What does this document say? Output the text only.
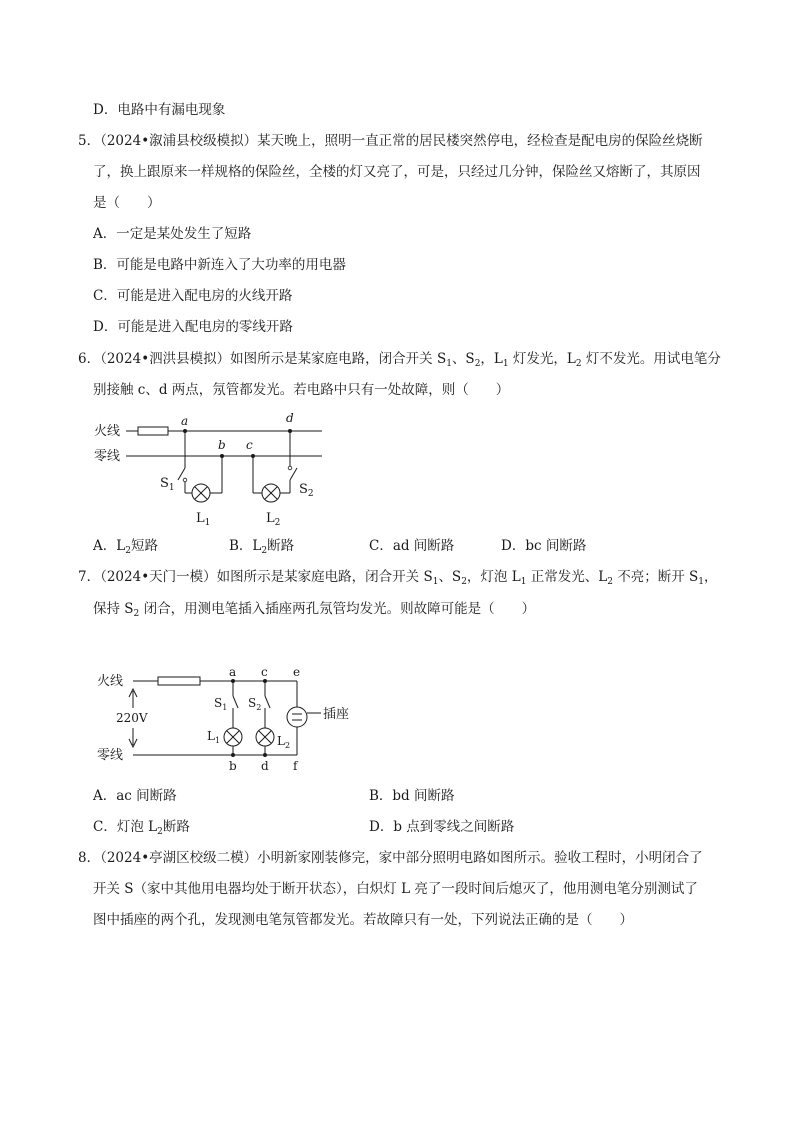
D．电路中有漏电现象
5．（2024•溆浦县校级模拟）某天晚上，照明一直正常的居民楼突然停电，经检查是配电房的保险丝烧断
了，换上跟原来一样规格的保险丝，全楼的灯又亮了，可是，只经过几分钟，保险丝又熔断了，其原因
是（　　）
A．一定是某处发生了短路
B．可能是电路中新连入了大功率的用电器
C．可能是进入配电房的火线开路
D．可能是进入配电房的零线开路
6．（2024•泗洪县模拟）如图所示是某家庭电路，闭合开关 $S_1$、$S_2$，$L_1$ 灯发光，$L_2$ 灯不发光。用试电笔分
别接触 c、d 两点，氖管都发光。若电路中只有一处故障，则（　　）
火线
零线
a	d
b c
$S_1$	$S_2$
$L_1$	$L_2$
A．$L_2$短路	B．$L_2$断路	C．ad 间断路	D．bc 间断路
7．（2024•天门一模）如图所示是某家庭电路，闭合开关 $S_1$、$S_2$，灯泡 $L_1$ 正常发光、$L_2$ 不亮；断开 $S_1$，
保持 $S_2$ 闭合，用测电笔插入插座两孔氖管均发光。则故障可能是（　　）
火线
零线
220V	插座
a c e
b d f
$S_1$ $S_2$
$L_1$	$L_2$
A．ac 间断路	B．bd 间断路
C．灯泡 $L_2$断路	D．b 点到零线之间断路
8．（2024•亭湖区校级二模）小明新家刚装修完，家中部分照明电路如图所示。验收工程时，小明闭合了
开关 S（家中其他用电器均处于断开状态），白炽灯 L 亮了一段时间后熄灭了，他用测电笔分别测试了
图中插座的两个孔，发现测电笔氖管都发光。若故障只有一处，下列说法正确的是（　　）
